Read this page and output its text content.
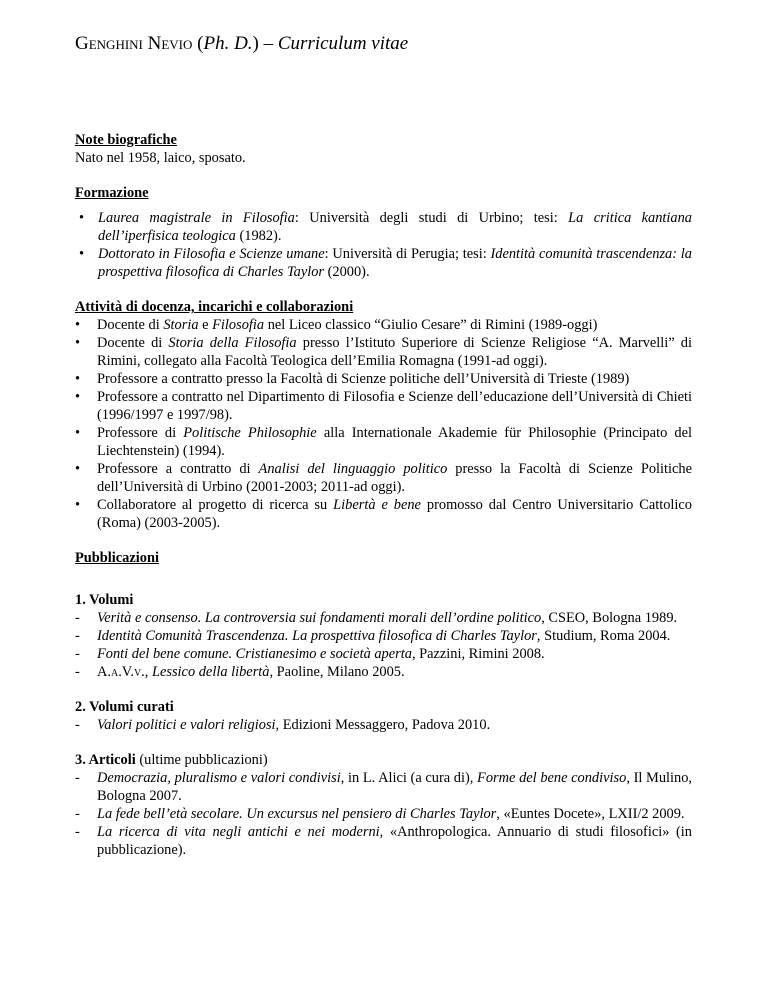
Genghini Nevio (Ph. D.) – Curriculum vitae

Note biografiche

Nato nel 1958, laico, sposato.

Formazione

• Laurea magistrale in Filosofia: Università degli studi di Urbino; tesi: La critica kantiana dell’iperfisica teologica (1982).
• Dottorato in Filosofia e Scienze umane: Università di Perugia; tesi: Identità comunità trascendenza: la prospettiva filosofica di Charles Taylor (2000).

Attività di docenza, incarichi e collaborazioni

• Docente di Storia e Filosofia nel Liceo classico “Giulio Cesare” di Rimini (1989-oggi)
• Docente di Storia della Filosofia presso l’Istituto Superiore di Scienze Religiose “A. Marvelli” di Rimini, collegato alla Facoltà Teologica dell’Emilia Romagna (1991-ad oggi).
• Professore a contratto presso la Facoltà di Scienze politiche dell’Università di Trieste (1989)
• Professore a contratto nel Dipartimento di Filosofia e Scienze dell’educazione dell’Università di Chieti (1996/1997 e 1997/98).
• Professore di Politische Philosophie alla Internationale Akademie für Philosophie (Principato del Liechtenstein) (1994).
• Professore a contratto di Analisi del linguaggio politico presso la Facoltà di Scienze Politiche dell’Università di Urbino (2001-2003; 2011-ad oggi).
• Collaboratore al progetto di ricerca su Libertà e bene promosso dal Centro Universitario Cattolico (Roma) (2003-2005).

Pubblicazioni

1. Volumi

- Verità e consenso. La controversia sui fondamenti morali dell’ordine politico, CSEO, Bologna 1989.
- Identità Comunità Trascendenza. La prospettiva filosofica di Charles Taylor, Studium, Roma 2004.
- Fonti del bene comune. Cristianesimo e società aperta, Pazzini, Rimini 2008.
- A.a.V.v., Lessico della libertà, Paoline, Milano 2005.

2. Volumi curati

- Valori politici e valori religiosi, Edizioni Messaggero, Padova 2010.

3. Articoli (ultime pubblicazioni)

- Democrazia, pluralismo e valori condivisi, in L. Alici (a cura di), Forme del bene condiviso, Il Mulino, Bologna 2007.
- La fede bell’età secolare. Un excursus nel pensiero di Charles Taylor, «Euntes Docete», LXII/2 2009.
- La ricerca di vita negli antichi e nei moderni, «Anthropologica. Annuario di studi filosofici» (in pubblicazione).
